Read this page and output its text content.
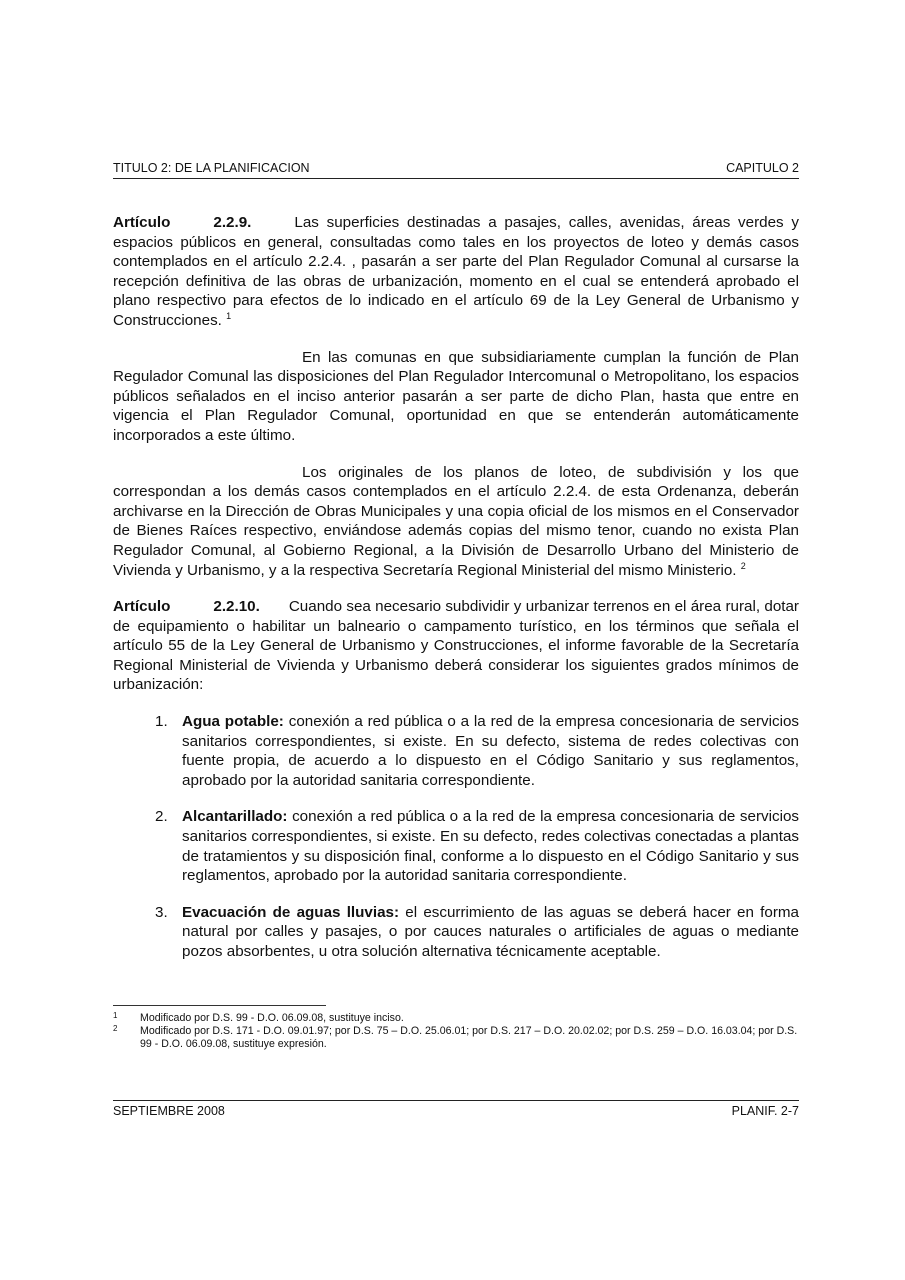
TITULO 2: DE LA PLANIFICACION	CAPITULO 2

Artículo	2.2.9.	Las superficies destinadas a pasajes, calles, avenidas, áreas verdes y espacios públicos en general, consultadas como tales en los proyectos de loteo y demás casos contemplados en el artículo 2.2.4. , pasarán a ser parte del Plan Regulador Comunal al cursarse la recepción definitiva de las obras de urbanización, momento en el cual se entenderá aprobado el plano respectivo para efectos de lo indicado en el artículo 69 de la Ley General de Urbanismo y Construcciones. $^1$

En las comunas en que subsidiariamente cumplan la función de Plan Regulador Comunal las disposiciones del Plan Regulador Intercomunal o Metropolitano, los espacios públicos señalados en el inciso anterior pasarán a ser parte de dicho Plan, hasta que entre en vigencia el Plan Regulador Comunal, oportunidad en que se entenderán automáticamente incorporados a este último.

Los originales de los planos de loteo, de subdivisión y los que correspondan a los demás casos contemplados en el artículo 2.2.4. de esta Ordenanza, deberán archivarse en la Dirección de Obras Municipales y una copia oficial de los mismos en el Conservador de Bienes Raíces respectivo, enviándose además copias del mismo tenor, cuando no exista Plan Regulador Comunal, al Gobierno Regional, a la División de Desarrollo Urbano del Ministerio de Vivienda y Urbanismo, y a la respectiva Secretaría Regional Ministerial del mismo Ministerio. $^2$

Artículo	2.2.10. Cuando sea necesario subdividir y urbanizar terrenos en el área rural, dotar de equipamiento o habilitar un balneario o campamento turístico, en los términos que señala el artículo 55 de la Ley General de Urbanismo y Construcciones, el informe favorable de la Secretaría Regional Ministerial de Vivienda y Urbanismo deberá considerar los siguientes grados mínimos de urbanización:

1. Agua potable: conexión a red pública o a la red de la empresa concesionaria de servicios sanitarios correspondientes, si existe. En su defecto, sistema de redes colectivas con fuente propia, de acuerdo a lo dispuesto en el Código Sanitario y sus reglamentos, aprobado por la autoridad sanitaria correspondiente.
2. Alcantarillado: conexión a red pública o a la red de la empresa concesionaria de servicios sanitarios correspondientes, si existe. En su defecto, redes colectivas conectadas a plantas de tratamientos y su disposición final, conforme a lo dispuesto en el Código Sanitario y sus reglamentos, aprobado por la autoridad sanitaria correspondiente.
3. Evacuación de aguas lluvias: el escurrimiento de las aguas se deberá hacer en forma natural por calles y pasajes, o por cauces naturales o artificiales de aguas o mediante pozos absorbentes, u otra solución alternativa técnicamente aceptable.
1 Modificado por D.S. 99 - D.O. 06.09.08, sustituye inciso.
2 Modificado por D.S. 171 - D.O. 09.01.97; por D.S. 75 – D.O. 25.06.01; por D.S. 217 – D.O. 20.02.02; por D.S. 259 – D.O. 16.03.04; por D.S. 99 - D.O. 06.09.08, sustituye expresión.
SEPTIEMBRE 2008	PLANIF. 2-7
